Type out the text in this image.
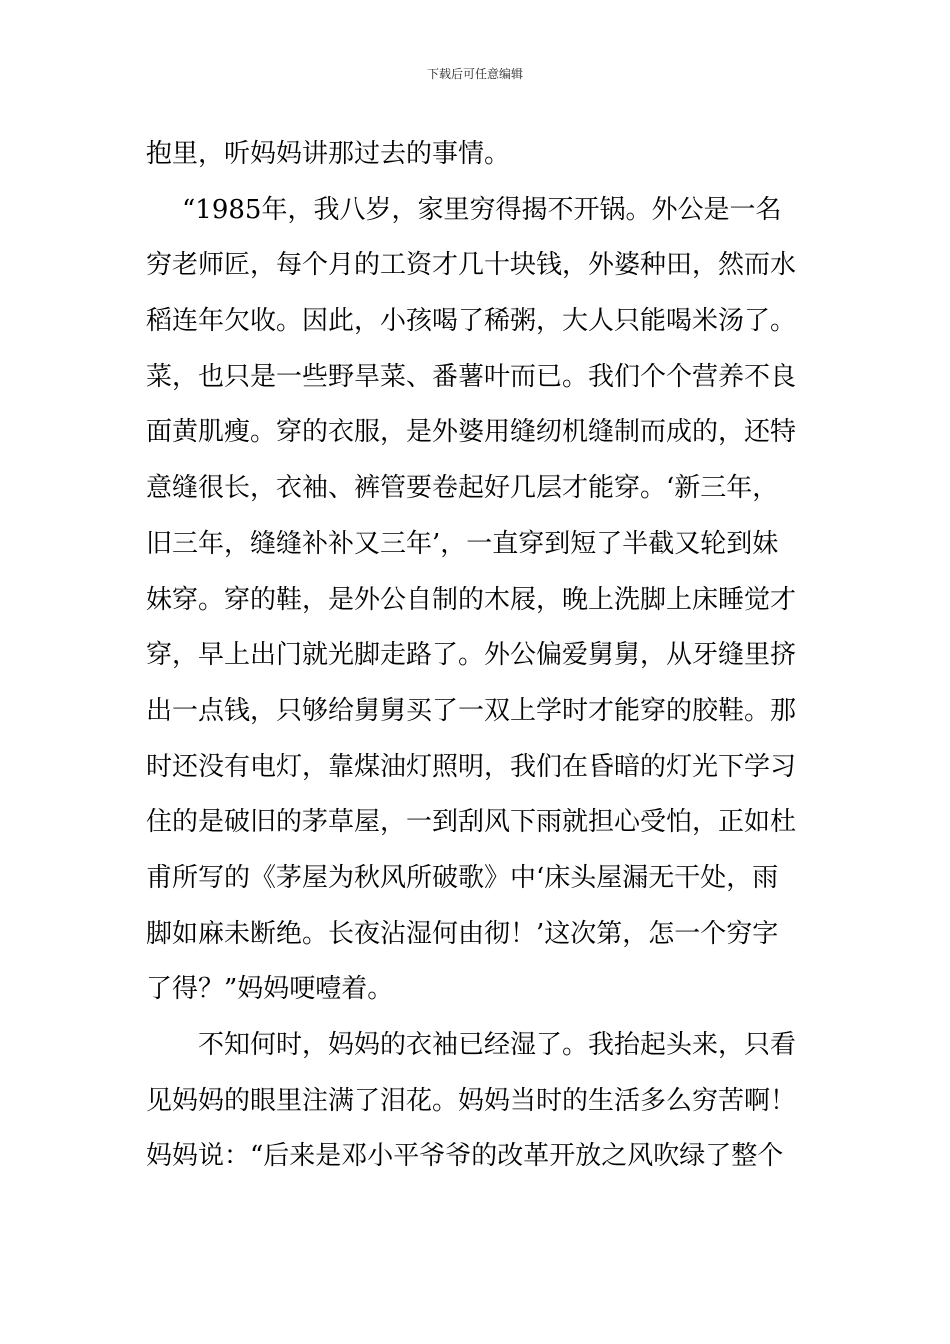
下载后可任意编辑
抱里，听妈妈讲那过去的事情。
“1985年，我八岁，家里穷得揭不开锅。外公是一名
穷老师匠，每个月的工资才几十块钱，外婆种田，然而水
稻连年欠收。因此，小孩喝了稀粥，大人只能喝米汤了。
菜，也只是一些野旱菜、番薯叶而已。我们个个营养不良
面黄肌瘦。穿的衣服，是外婆用缝纫机缝制而成的，还特
意缝很长，衣袖、裤管要卷起好几层才能穿。‘新三年，
旧三年，缝缝补补又三年’，一直穿到短了半截又轮到妹
妹穿。穿的鞋，是外公自制的木屐，晚上洗脚上床睡觉才
穿，早上出门就光脚走路了。外公偏爱舅舅，从牙缝里挤
出一点钱，只够给舅舅买了一双上学时才能穿的胶鞋。那
时还没有电灯，靠煤油灯照明，我们在昏暗的灯光下学习
住的是破旧的茅草屋，一到刮风下雨就担心受怕，正如杜
甫所写的《茅屋为秋风所破歌》中‘床头屋漏无干处，雨
脚如麻未断绝。长夜沾湿何由彻！’这次第，怎一个穷字
了得？”妈妈哽噎着。
不知何时，妈妈的衣袖已经湿了。我抬起头来，只看
见妈妈的眼里注满了泪花。妈妈当时的生活多么穷苦啊！
妈妈说：“后来是邓小平爷爷的改革开放之风吹绿了整个
